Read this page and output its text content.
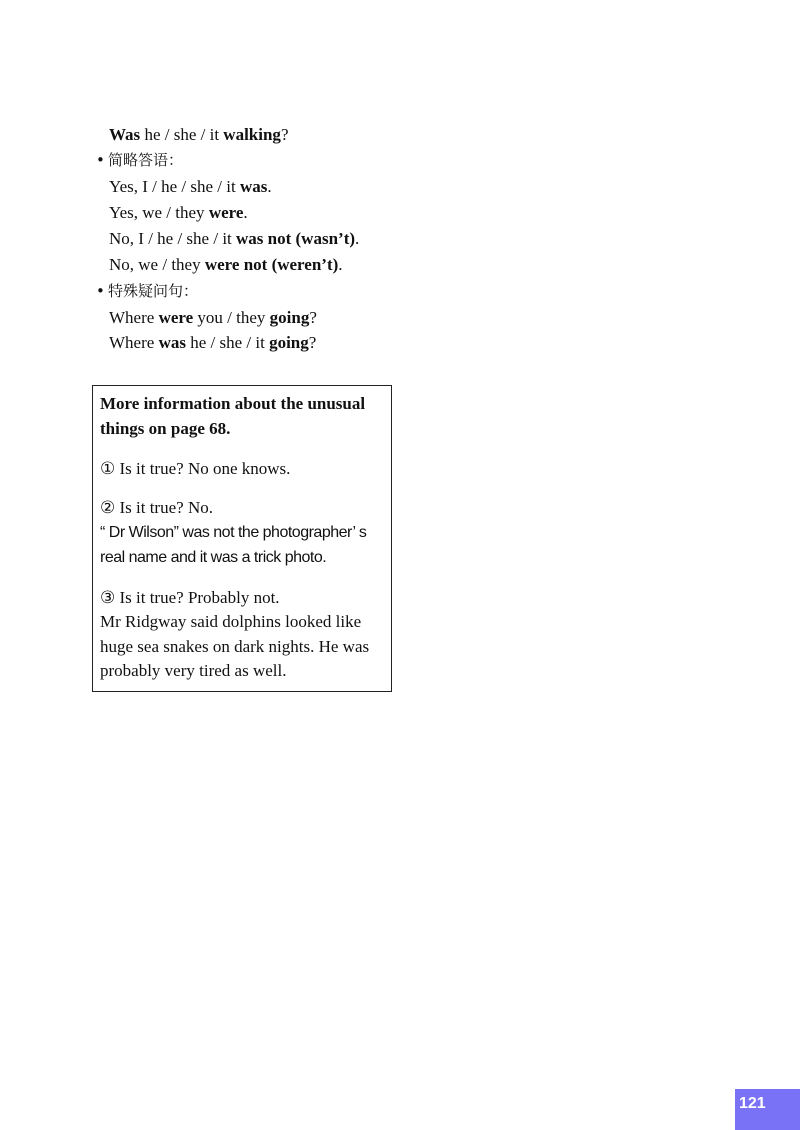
Was he / she / it walking?
• 简略答语：
Yes, I / he / she / it was.
Yes, we / they were.
No, I / he / she / it was not (wasn’t).
No, we / they were not (weren’t).
• 特殊疑问句：
Where were you / they going?
Where was he / she / it going?
More information about the unusual
things on page 68.
① Is it true? No one knows.
② Is it true? No.
“ Dr Wilson” was not the photographer’ s
real name and it was a trick photo.
③ Is it true? Probably not.
Mr Ridgway said dolphins looked like
huge sea snakes on dark nights. He was
probably very tired as well.
121
